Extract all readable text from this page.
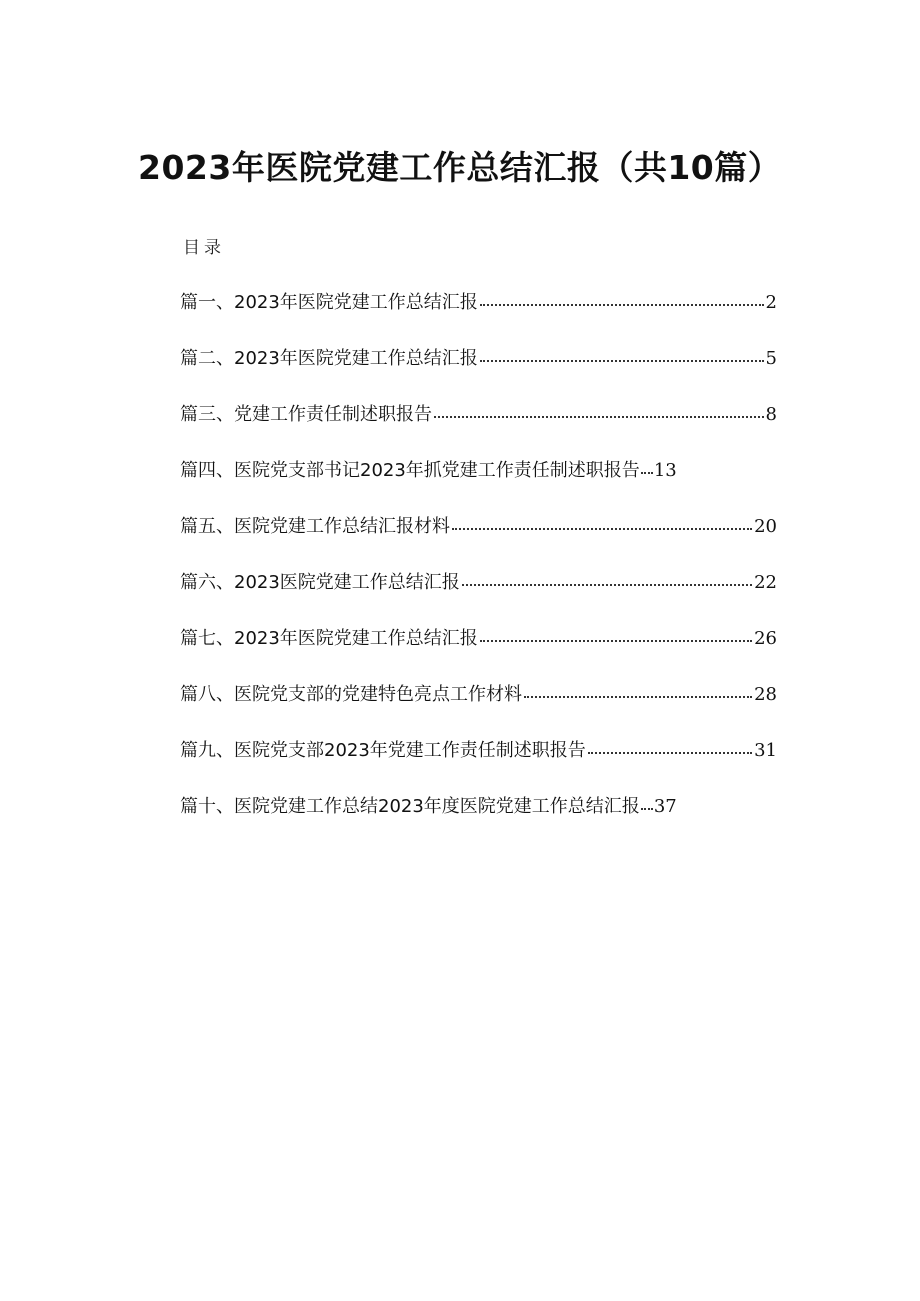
2023年医院党建工作总结汇报（共10篇）
目录
篇一、2023年医院党建工作总结汇报	2
篇二、2023年医院党建工作总结汇报	5
篇三、党建工作责任制述职报告	8
篇四、医院党支部书记2023年抓党建工作责任制述职报告 13
篇五、医院党建工作总结汇报材料	20
篇六、2023医院党建工作总结汇报	22
篇七、2023年医院党建工作总结汇报	26
篇八、医院党支部的党建特色亮点工作材料	28
篇九、医院党支部2023年党建工作责任制述职报告	31
篇十、医院党建工作总结2023年度医院党建工作总结汇报 37
